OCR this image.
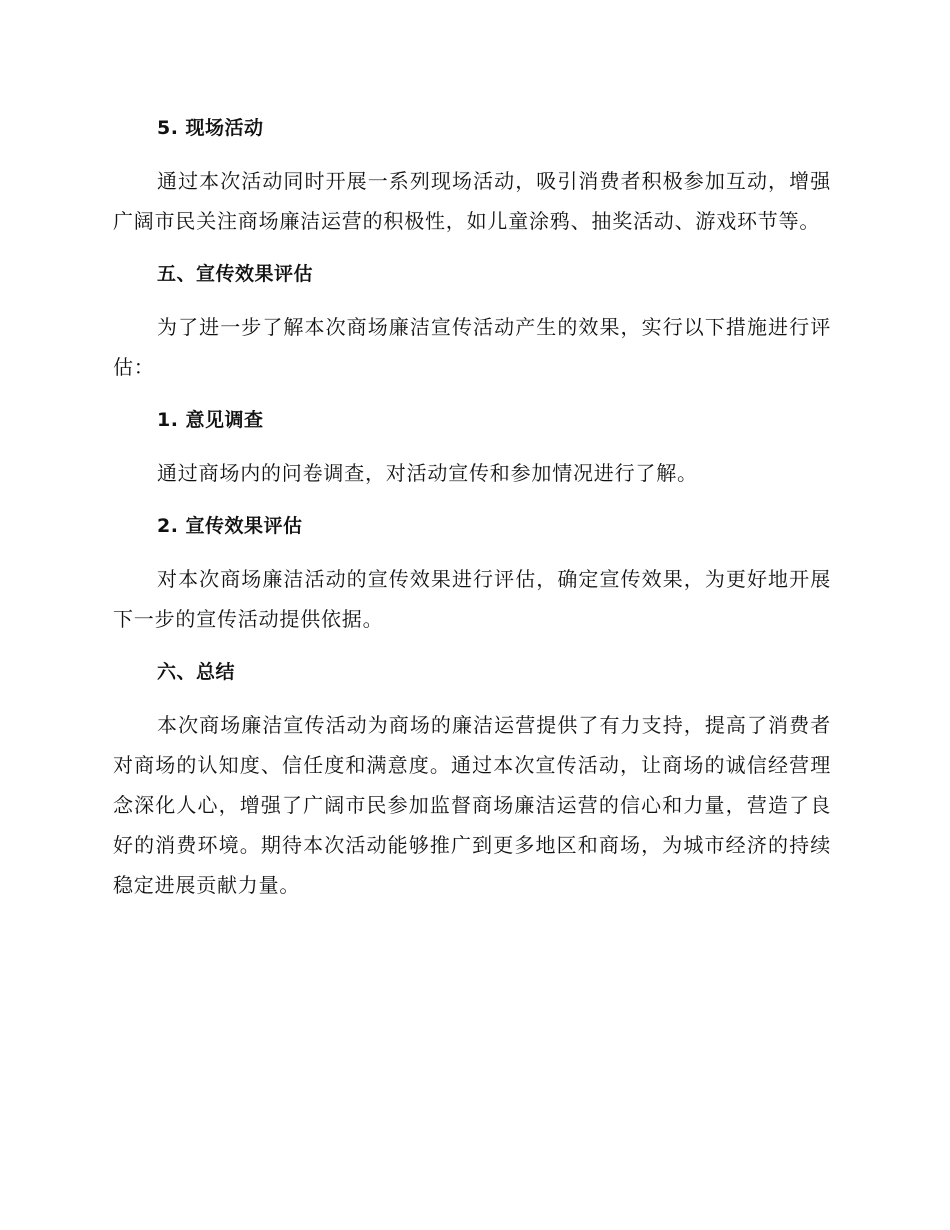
5. 现场活动

通过本次活动同时开展一系列现场活动，吸引消费者积极参加互动，增强广阔市民关注商场廉洁运营的积极性，如儿童涂鸦、抽奖活动、游戏环节等。

五、宣传效果评估

为了进一步了解本次商场廉洁宣传活动产生的效果，实行以下措施进行评估：

1. 意见调查

通过商场内的问卷调查，对活动宣传和参加情况进行了解。

2. 宣传效果评估

对本次商场廉洁活动的宣传效果进行评估，确定宣传效果，为更好地开展下一步的宣传活动提供依据。

六、总结

本次商场廉洁宣传活动为商场的廉洁运营提供了有力支持，提高了消费者对商场的认知度、信任度和满意度。通过本次宣传活动，让商场的诚信经营理念深化人心，增强了广阔市民参加监督商场廉洁运营的信心和力量，营造了良好的消费环境。期待本次活动能够推广到更多地区和商场，为城市经济的持续稳定进展贡献力量。
